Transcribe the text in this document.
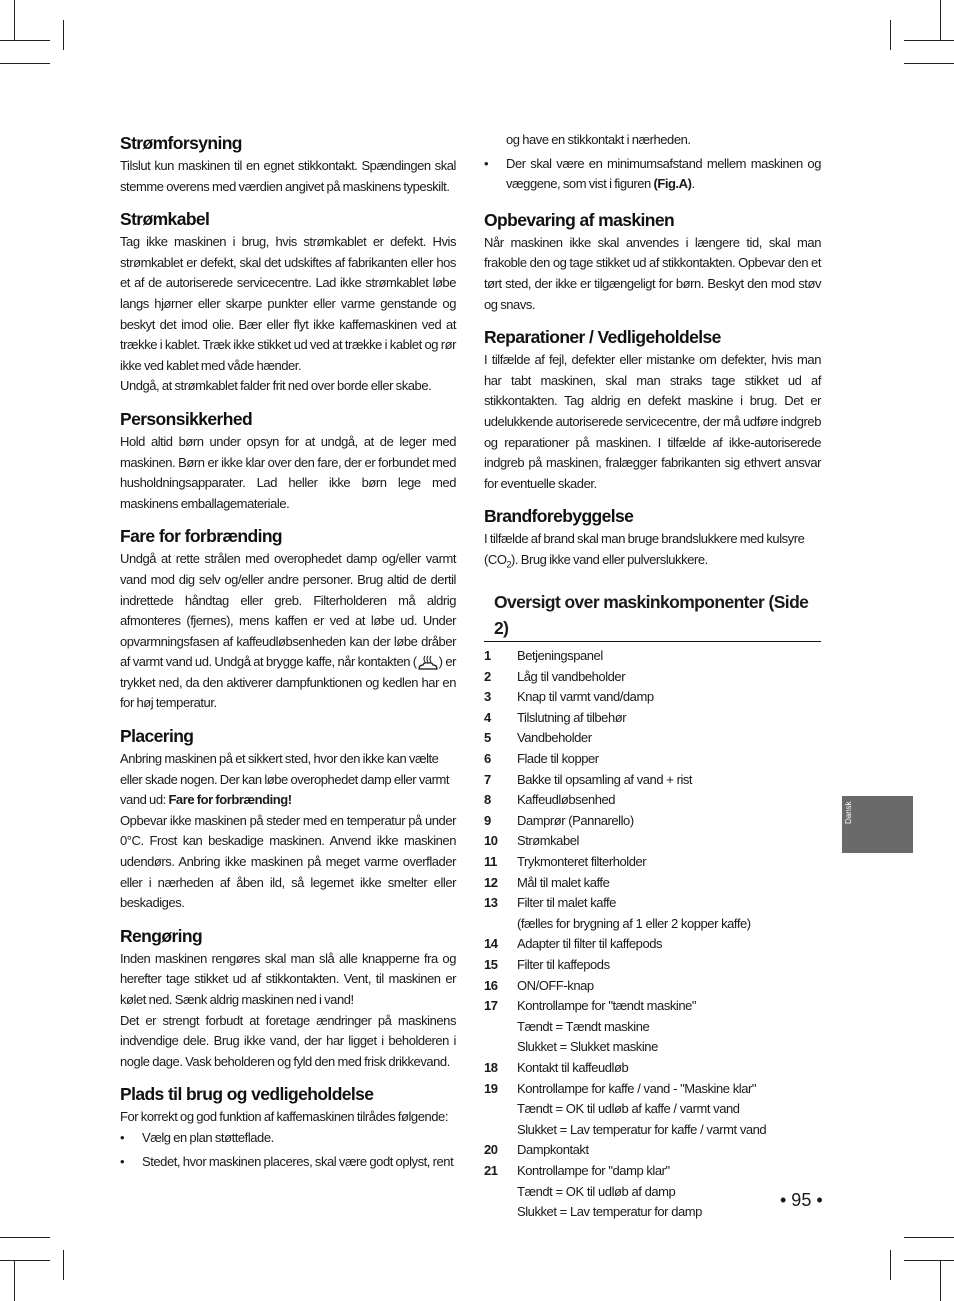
Strømforsyning

Tilslut kun maskinen til en egnet stikkontakt. Spændingen skal stemme overens med værdien angivet på maskinens typeskilt.

Strømkabel

Tag ikke maskinen i brug, hvis strømkablet er defekt. Hvis strømkablet er defekt, skal det udskiftes af fabrikanten eller hos et af de autoriserede servicecentre. Lad ikke strømkablet løbe langs hjørner eller skarpe punkter eller varme genstande og beskyt det imod olie. Bær eller flyt ikke kaffemaskinen ved at trække i kablet. Træk ikke stikket ud ved at trække i kablet og rør ikke ved kablet med våde hænder.

Undgå, at strømkablet falder frit ned over borde eller skabe.

Personsikkerhed

Hold altid børn under opsyn for at undgå, at de leger med maskinen. Børn er ikke klar over den fare, der er forbundet med husholdningsapparater. Lad heller ikke børn lege med maskinens emballagemateriale.

Fare for forbrænding

Undgå at rette strålen med overophedet damp og/eller varmt vand mod dig selv og/eller andre personer. Brug altid de dertil indrettede håndtag eller greb. Filterholderen må aldrig afmonteres (fjernes), mens kaffen er ved at løbe ud. Under opvarmningsfasen af kaffeudløbsenheden kan der løbe dråber af varmt vand ud. Undgå at brygge kaffe, når kontakten ( ) er trykket ned, da den aktiverer dampfunktionen og kedlen har en for høj temperatur.

Placering

Anbring maskinen på et sikkert sted, hvor den ikke kan vælte eller skade nogen. Der kan løbe overophedet damp eller varmt vand ud: Fare for forbrænding!

Opbevar ikke maskinen på steder med en temperatur på under 0°C. Frost kan beskadige maskinen. Anvend ikke maskinen udendørs. Anbring ikke maskinen på meget varme overflader eller i nærheden af åben ild, så legemet ikke smelter eller beskadiges.

Rengøring

Inden maskinen rengøres skal man slå alle knapperne fra og herefter tage stikket ud af stikkontakten. Vent, til maskinen er kølet ned. Sænk aldrig maskinen ned i vand!

Det er strengt forbudt at foretage ændringer på maskinens indvendige dele. Brug ikke vand, der har ligget i beholderen i nogle dage. Vask beholderen og fyld den med frisk drikkevand.

Plads til brug og vedligeholdelse

For korrekt og god funktion af kaffemaskinen tilrådes følgende:

• Vælg en plan støtteflade.
• Stedet, hvor maskinen placeres, skal være godt oplyst, rent

og have en stikkontakt i nærheden.

• Der skal være en minimumsafstand mellem maskinen og væggene, som vist i figuren (Fig.A).
Opbevaring af maskinen

Når maskinen ikke skal anvendes i længere tid, skal man frakoble den og tage stikket ud af stikkontakten. Opbevar den et tørt sted, der ikke er tilgængeligt for børn. Beskyt den mod støv og snavs.

Reparationer / Vedligeholdelse

I tilfælde af fejl, defekter eller mistanke om defekter, hvis man har tabt maskinen, skal man straks tage stikket ud af stikkontakten. Tag aldrig en defekt maskine i brug. Det er udelukkende autoriserede servicecentre, der må udføre indgreb og reparationer på maskinen. I tilfælde af ikke-autoriserede indgreb på maskinen, fralægger fabrikanten sig ethvert ansvar for eventuelle skader.

Brandforebyggelse

I tilfælde af brand skal man bruge brandslukkere med kulsyre $(CO_2)$. Brug ikke vand eller pulverslukkere.

Oversigt over maskinkomponenter (Side 2)
1	Betjeningspanel

2	Låg til vandbeholder

3	Knap til varmt vand/damp

4	Tilslutning af tilbehør

5	Vandbeholder

6	Flade til kopper

7	Bakke til opsamling af vand + rist

8	Kaffeudløbsenhed

9	Damprør (Pannarello)

10	Strømkabel

11	Trykmonteret filterholder

12	Mål til malet kaffe

13	Filter til malet kaffe
(fælles for brygning af 1 eller 2 kopper kaffe)

14	Adapter til filter til kaffepods

15	Filter til kaffepods

16	ON/OFF-knap

17	Kontrollampe for "tændt maskine"
Tændt = Tændt maskine
Slukket = Slukket maskine

18	Kontakt til kaffeudløb

19	Kontrollampe for kaffe / vand - "Maskine klar"
Tændt = OK til udløb af kaffe / varmt vand
Slukket = Lav temperatur for kaffe / varmt vand

20	Dampkontakt

21	Kontrollampe for "damp klar"
Tændt = OK til udløb af damp
Slukket = Lav temperatur for damp
Dansk
• 95 •
